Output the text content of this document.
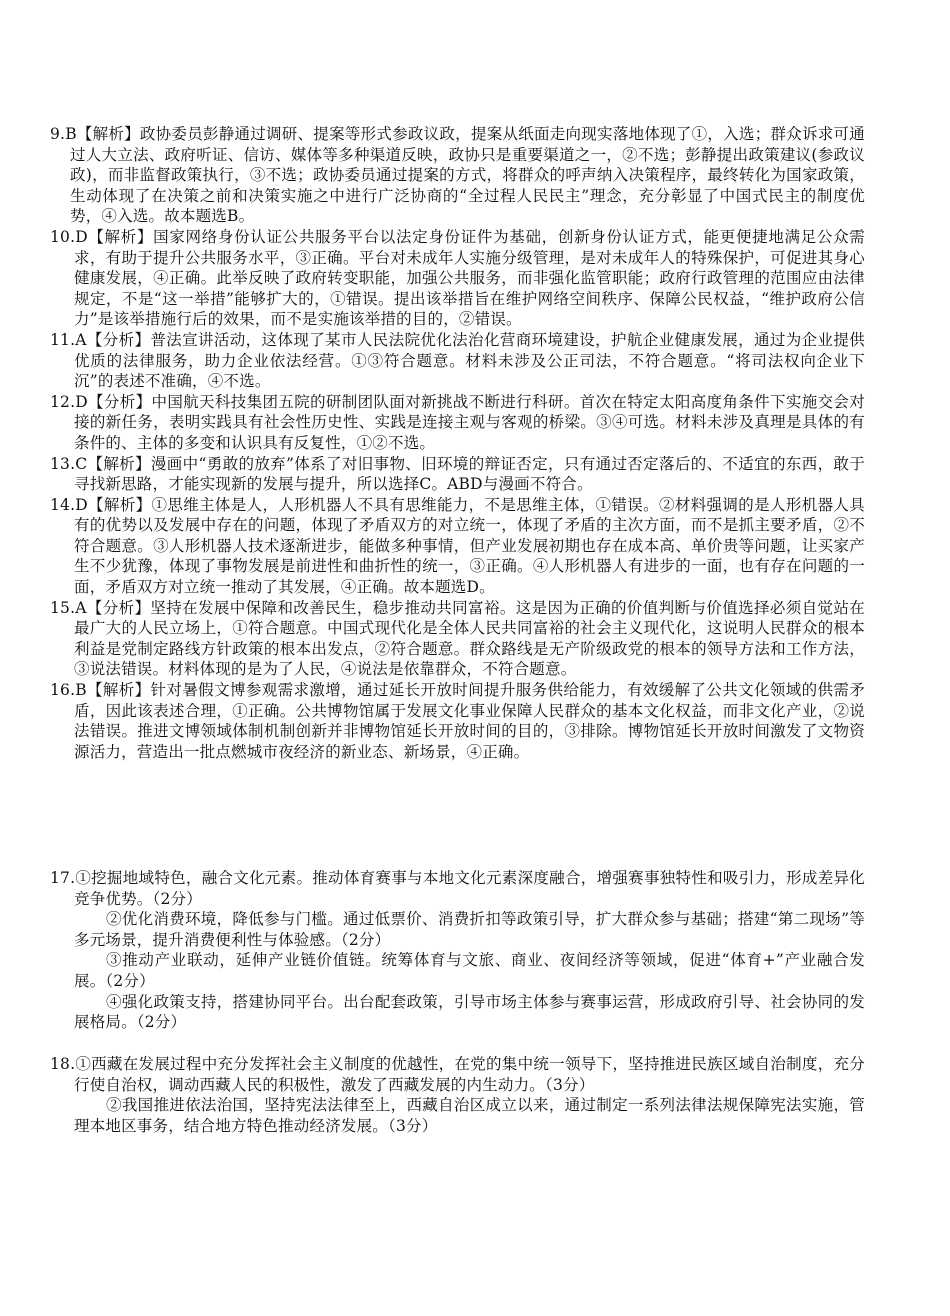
9.B【解析】政协委员彭静通过调研、提案等形式参政议政，提案从纸面走向现实落地体现了①，入选；群众诉求可通过人大立法、政府听证、信访、媒体等多种渠道反映，政协只是重要渠道之一，②不选；彭静提出政策建议(参政议政)，而非监督政策执行，③不选；政协委员通过提案的方式，将群众的呼声纳入决策程序，最终转化为国家政策，生动体现了在决策之前和决策实施之中进行广泛协商的“全过程人民民主”理念，充分彰显了中国式民主的制度优势，④入选。故本题选B。

10.D【解析】国家网络身份认证公共服务平台以法定身份证件为基础，创新身份认证方式，能更便捷地满足公众需求，有助于提升公共服务水平，③正确。平台对未成年人实施分级管理，是对未成年人的特殊保护，可促进其身心健康发展，④正确。此举反映了政府转变职能，加强公共服务，而非强化监管职能；政府行政管理的范围应由法律规定，不是“这一举措”能够扩大的，①错误。提出该举措旨在维护网络空间秩序、保障公民权益，“维护政府公信力”是该举措施行后的效果，而不是实施该举措的目的，②错误。

11.A【分析】普法宣讲活动，这体现了某市人民法院优化法治化营商环境建设，护航企业健康发展，通过为企业提供优质的法律服务，助力企业依法经营。①③符合题意。材料未涉及公正司法，不符合题意。“将司法权向企业下沉”的表述不准确，④不选。

12.D【分析】中国航天科技集团五院的研制团队面对新挑战不断进行科研。首次在特定太阳高度角条件下实施交会对接的新任务，表明实践具有社会性历史性、实践是连接主观与客观的桥梁。③④可选。材料未涉及真理是具体的有条件的、主体的多变和认识具有反复性，①②不选。

13.C【解析】漫画中“勇敢的放弃”体系了对旧事物、旧环境的辩证否定，只有通过否定落后的、不适宜的东西，敢于寻找新思路，才能实现新的发展与提升，所以选择C。ABD与漫画不符合。

14.D【解析】①思维主体是人，人形机器人不具有思维能力，不是思维主体，①错误。②材料强调的是人形机器人具有的优势以及发展中存在的问题，体现了矛盾双方的对立统一，体现了矛盾的主次方面，而不是抓主要矛盾，②不符合题意。③人形机器人技术逐渐进步，能做多种事情，但产业发展初期也存在成本高、单价贵等问题，让买家产生不少犹豫，体现了事物发展是前进性和曲折性的统一，③正确。④人形机器人有进步的一面，也有存在问题的一面，矛盾双方对立统一推动了其发展，④正确。故本题选D。

15.A【分析】坚持在发展中保障和改善民生，稳步推动共同富裕。这是因为正确的价值判断与价值选择必须自觉站在最广大的人民立场上，①符合题意。中国式现代化是全体人民共同富裕的社会主义现代化，这说明人民群众的根本利益是党制定路线方针政策的根本出发点，②符合题意。群众路线是无产阶级政党的根本的领导方法和工作方法，③说法错误。材料体现的是为了人民，④说法是依靠群众，不符合题意。

16.B【解析】针对暑假文博参观需求激增，通过延长开放时间提升服务供给能力，有效缓解了公共文化领域的供需矛盾，因此该表述合理，①正确。公共博物馆属于发展文化事业保障人民群众的基本文化权益，而非文化产业，②说法错误。推进文博领域体制机制创新并非博物馆延长开放时间的目的，③排除。博物馆延长开放时间激发了文物资源活力，营造出一批点燃城市夜经济的新业态、新场景，④正确。

17.①挖掘地域特色，融合文化元素。推动体育赛事与本地文化元素深度融合，增强赛事独特性和吸引力，形成差异化竞争优势。（2分）

②优化消费环境，降低参与门槛。通过低票价、消费折扣等政策引导，扩大群众参与基础；搭建“第二现场”等多元场景，提升消费便利性与体验感。（2分）

③推动产业联动，延伸产业链价值链。统筹体育与文旅、商业、夜间经济等领域，促进“体育+”产业融合发展。（2分）

④强化政策支持，搭建协同平台。出台配套政策，引导市场主体参与赛事运营，形成政府引导、社会协同的发展格局。（2分）

18.①西藏在发展过程中充分发挥社会主义制度的优越性，在党的集中统一领导下，坚持推进民族区域自治制度，充分行使自治权，调动西藏人民的积极性，激发了西藏发展的内生动力。（3分）

②我国推进依法治国，坚持宪法法律至上，西藏自治区成立以来，通过制定一系列法律法规保障宪法实施，管理本地区事务，结合地方特色推动经济发展。（3分）
